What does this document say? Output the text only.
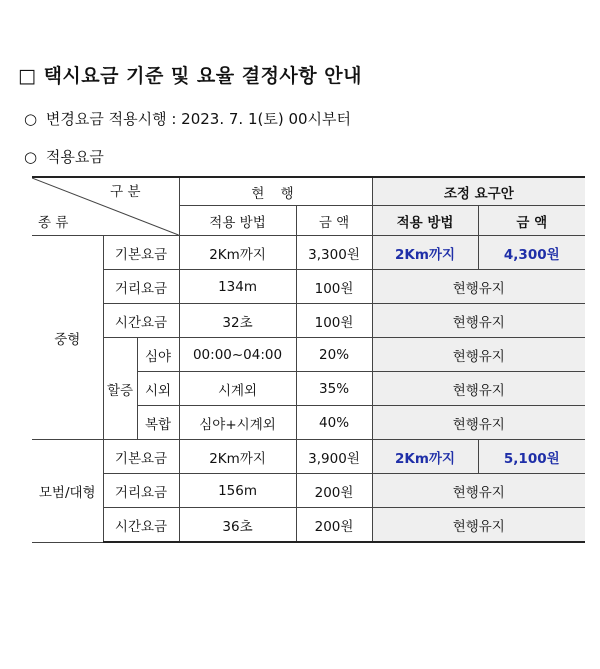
□ 택시요금 기준 및 요율 결정사항 안내
○ 변경요금 적용시행 : 2023. 7. 1(토) 00시부터
○ 적용요금
구 분
종 류			현 행		조정 요구안	
			적용 방법	금 액	적용 방법	금 액
중형	기본요금		2Km까지	3,300원	2Km까지	4,300원
	거리요금		134m	100원	현행유지	
	시간요금		32초	100원	현행유지	
	할증	심야	00:00~04:00	20%	현행유지	
		시외	시계외	35%	현행유지	
		복합	심야+시계외	40%	현행유지	
모범/대형	기본요금		2Km까지	3,900원	2Km까지	5,100원
	거리요금		156m	200원	현행유지	
	시간요금		36초	200원	현행유지	
